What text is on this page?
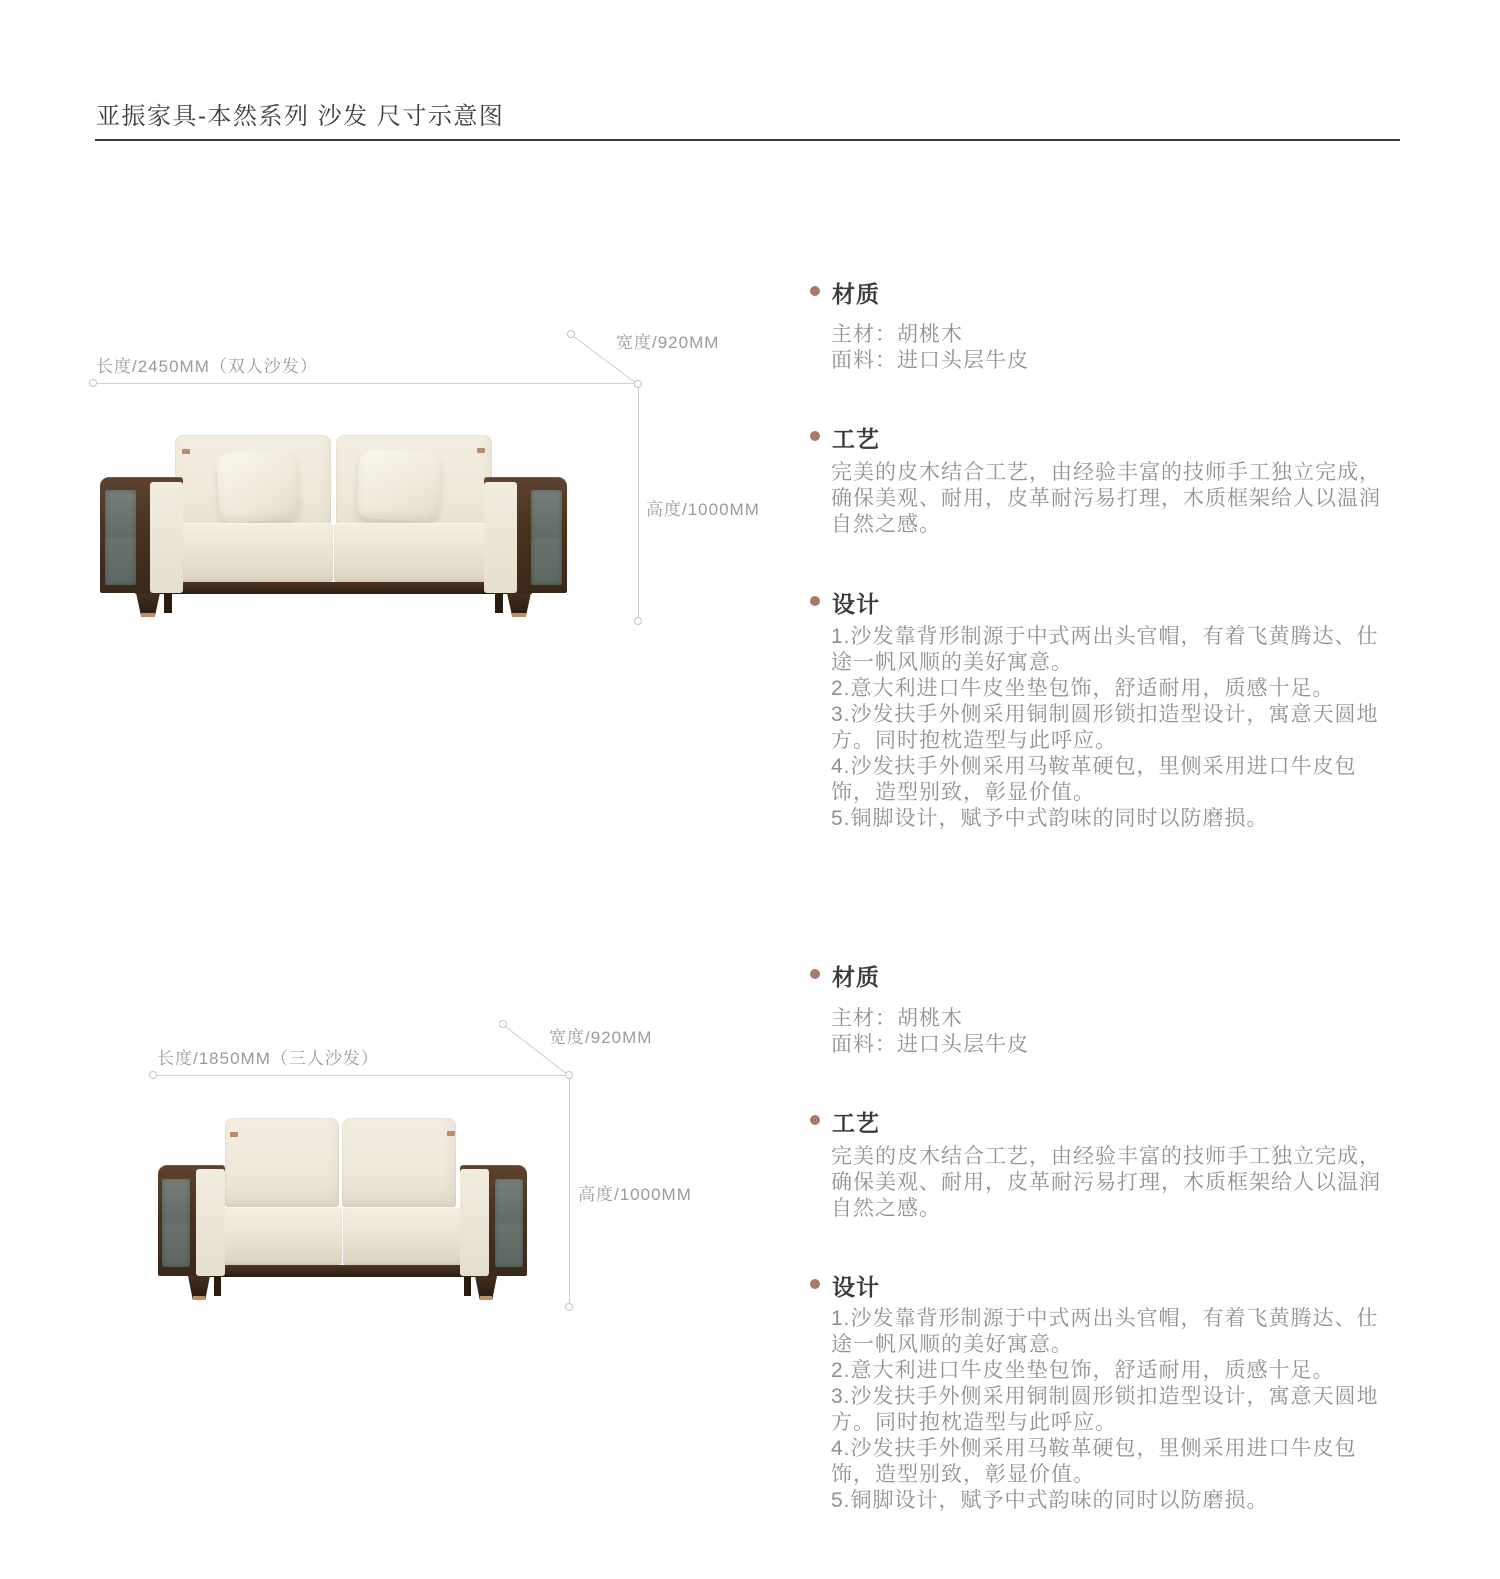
亚振家具-本然系列 沙发 尺寸示意图
长度/2450MM（双人沙发）
宽度/920MM
高度/1000MM
材质
主材：胡桃木
面料：进口头层牛皮
工艺
完美的皮木结合工艺，由经验丰富的技师手工独立完成，确保美观、耐用，皮革耐污易打理，木质框架给人以温润自然之感。
设计
1.沙发靠背形制源于中式两出头官帽，有着飞黄腾达、仕途一帆风顺的美好寓意。
2.意大利进口牛皮坐垫包饰，舒适耐用，质感十足。
3.沙发扶手外侧采用铜制圆形锁扣造型设计，寓意天圆地方。同时抱枕造型与此呼应。
4.沙发扶手外侧采用马鞍革硬包，里侧采用进口牛皮包饰，造型别致，彰显价值。
5.铜脚设计，赋予中式韵味的同时以防磨损。
长度/1850MM（三人沙发）
宽度/920MM
高度/1000MM
材质
主材：胡桃木
面料：进口头层牛皮
工艺
完美的皮木结合工艺，由经验丰富的技师手工独立完成，确保美观、耐用，皮革耐污易打理，木质框架给人以温润自然之感。
设计
1.沙发靠背形制源于中式两出头官帽，有着飞黄腾达、仕途一帆风顺的美好寓意。
2.意大利进口牛皮坐垫包饰，舒适耐用，质感十足。
3.沙发扶手外侧采用铜制圆形锁扣造型设计，寓意天圆地方。同时抱枕造型与此呼应。
4.沙发扶手外侧采用马鞍革硬包，里侧采用进口牛皮包饰，造型别致，彰显价值。
5.铜脚设计，赋予中式韵味的同时以防磨损。
